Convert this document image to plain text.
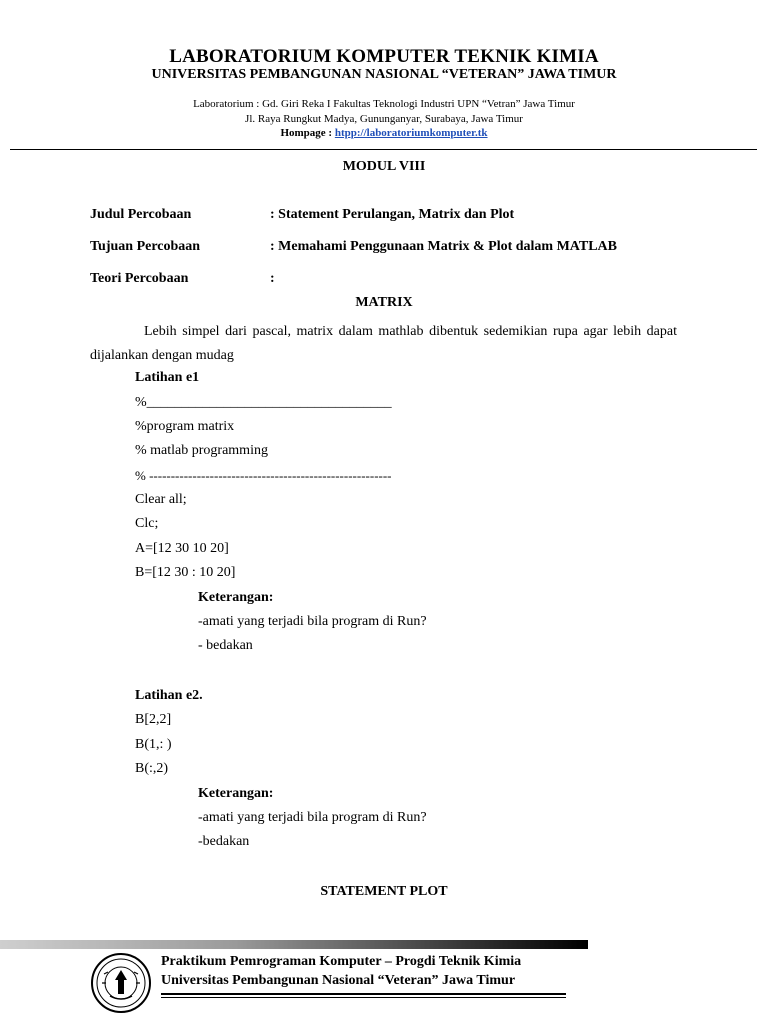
LABORATORIUM KOMPUTER TEKNIK KIMIA
UNIVERSITAS PEMBANGUNAN NASIONAL “VETERAN” JAWA TIMUR
Laboratorium : Gd. Giri Reka I Fakultas Teknologi Industri UPN “Vetran” Jawa Timur
Jl. Raya Rungkut Madya, Gununganyar, Surabaya, Jawa Timur
Hompage : htpp://laboratoriumkomputer.tk
MODUL VIII
Judul Percobaan	: Statement Perulangan, Matrix dan Plot
Tujuan Percobaan	: Memahami Penggunaan Matrix & Plot dalam MATLAB
Teori Percobaan	:
MATRIX
Lebih simpel dari pascal, matrix dalam mathlab dibentuk sedemikian rupa agar lebih dapat dijalankan dengan mudag
Latihan e1
%___________________________________
%program matrix
% matlab programming
% --------------------------------------------------------
Clear all;
Clc;
A=[12 30 10 20]
B=[12 30 : 10 20]
Keterangan:
-amati yang terjadi bila program di Run?
- bedakan
Latihan e2.
B[2,2]
B(1,: )
B(:,2)
Keterangan:
-amati yang terjadi bila program di Run?
-bedakan
STATEMENT PLOT
Praktikum Pemrograman Komputer – Progdi Teknik Kimia
Universitas Pembangunan Nasional “Veteran” Jawa Timur
